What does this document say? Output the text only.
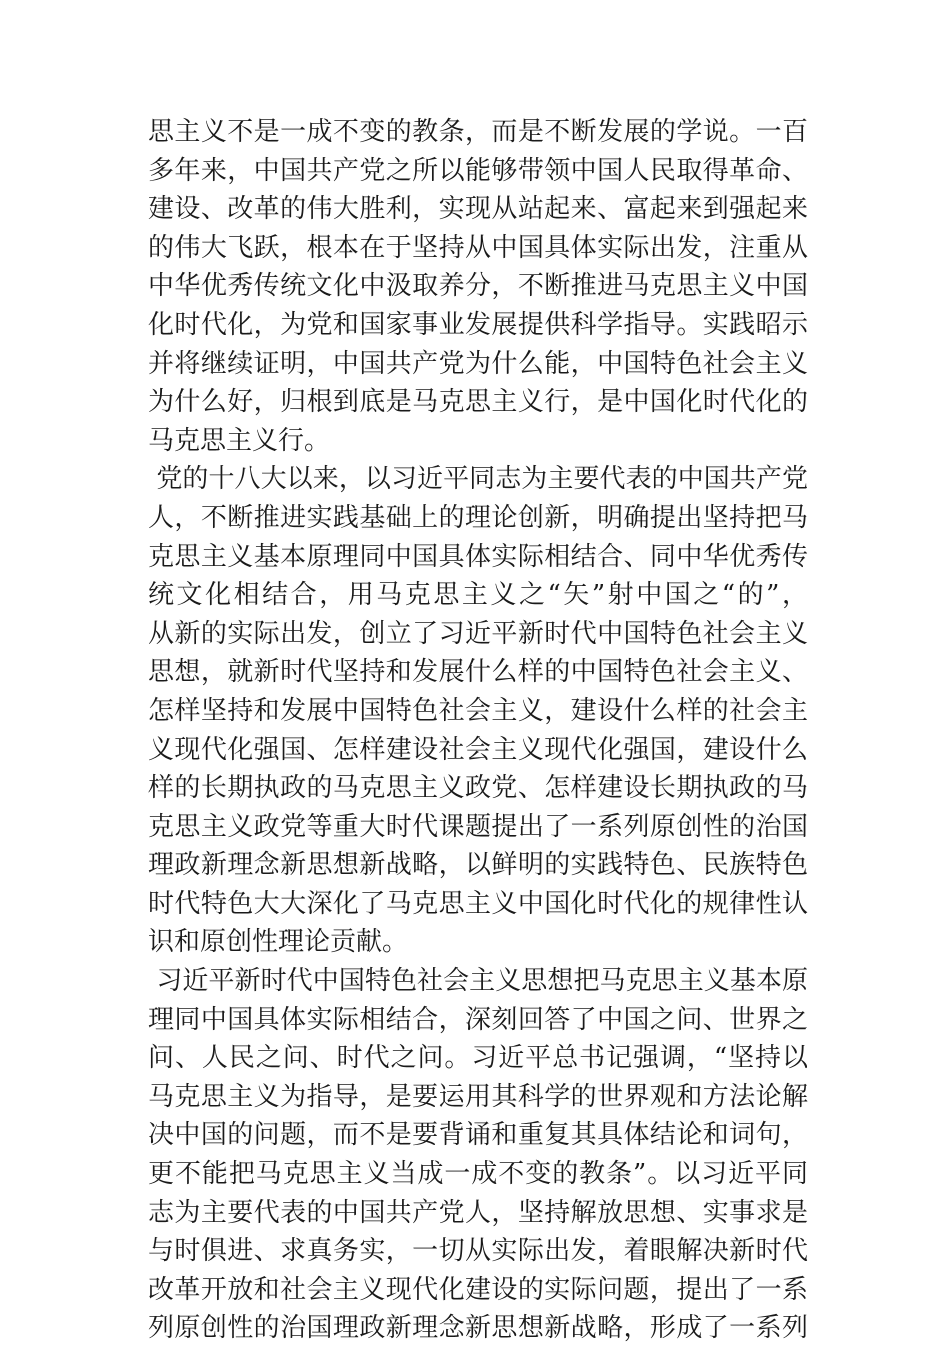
思主义不是一成不变的教条，而是不断发展的学说。一百
多年来，中国共产党之所以能够带领中国人民取得革命、
建设、改革的伟大胜利，实现从站起来、富起来到强起来
的伟大飞跃，根本在于坚持从中国具体实际出发，注重从
中华优秀传统文化中汲取养分，不断推进马克思主义中国
化时代化，为党和国家事业发展提供科学指导。实践昭示
并将继续证明，中国共产党为什么能，中国特色社会主义
为什么好，归根到底是马克思主义行，是中国化时代化的
马克思主义行。
党的十八大以来，以习近平同志为主要代表的中国共产党
人，不断推进实践基础上的理论创新，明确提出坚持把马
克思主义基本原理同中国具体实际相结合、同中华优秀传
统文化相结合，用马克思主义之“矢”射中国之“的”，
从新的实际出发，创立了习近平新时代中国特色社会主义
思想，就新时代坚持和发展什么样的中国特色社会主义、
怎样坚持和发展中国特色社会主义，建设什么样的社会主
义现代化强国、怎样建设社会主义现代化强国，建设什么
样的长期执政的马克思主义政党、怎样建设长期执政的马
克思主义政党等重大时代课题提出了一系列原创性的治国
理政新理念新思想新战略，以鲜明的实践特色、民族特色
时代特色大大深化了马克思主义中国化时代化的规律性认
识和原创性理论贡献。
习近平新时代中国特色社会主义思想把马克思主义基本原
理同中国具体实际相结合，深刻回答了中国之问、世界之
问、人民之问、时代之问。习近平总书记强调，“坚持以
马克思主义为指导，是要运用其科学的世界观和方法论解
决中国的问题，而不是要背诵和重复其具体结论和词句，
更不能把马克思主义当成一成不变的教条”。以习近平同
志为主要代表的中国共产党人，坚持解放思想、实事求是
与时俱进、求真务实，一切从实际出发，着眼解决新时代
改革开放和社会主义现代化建设的实际问题，提出了一系
列原创性的治国理政新理念新思想新战略，形成了一系列
